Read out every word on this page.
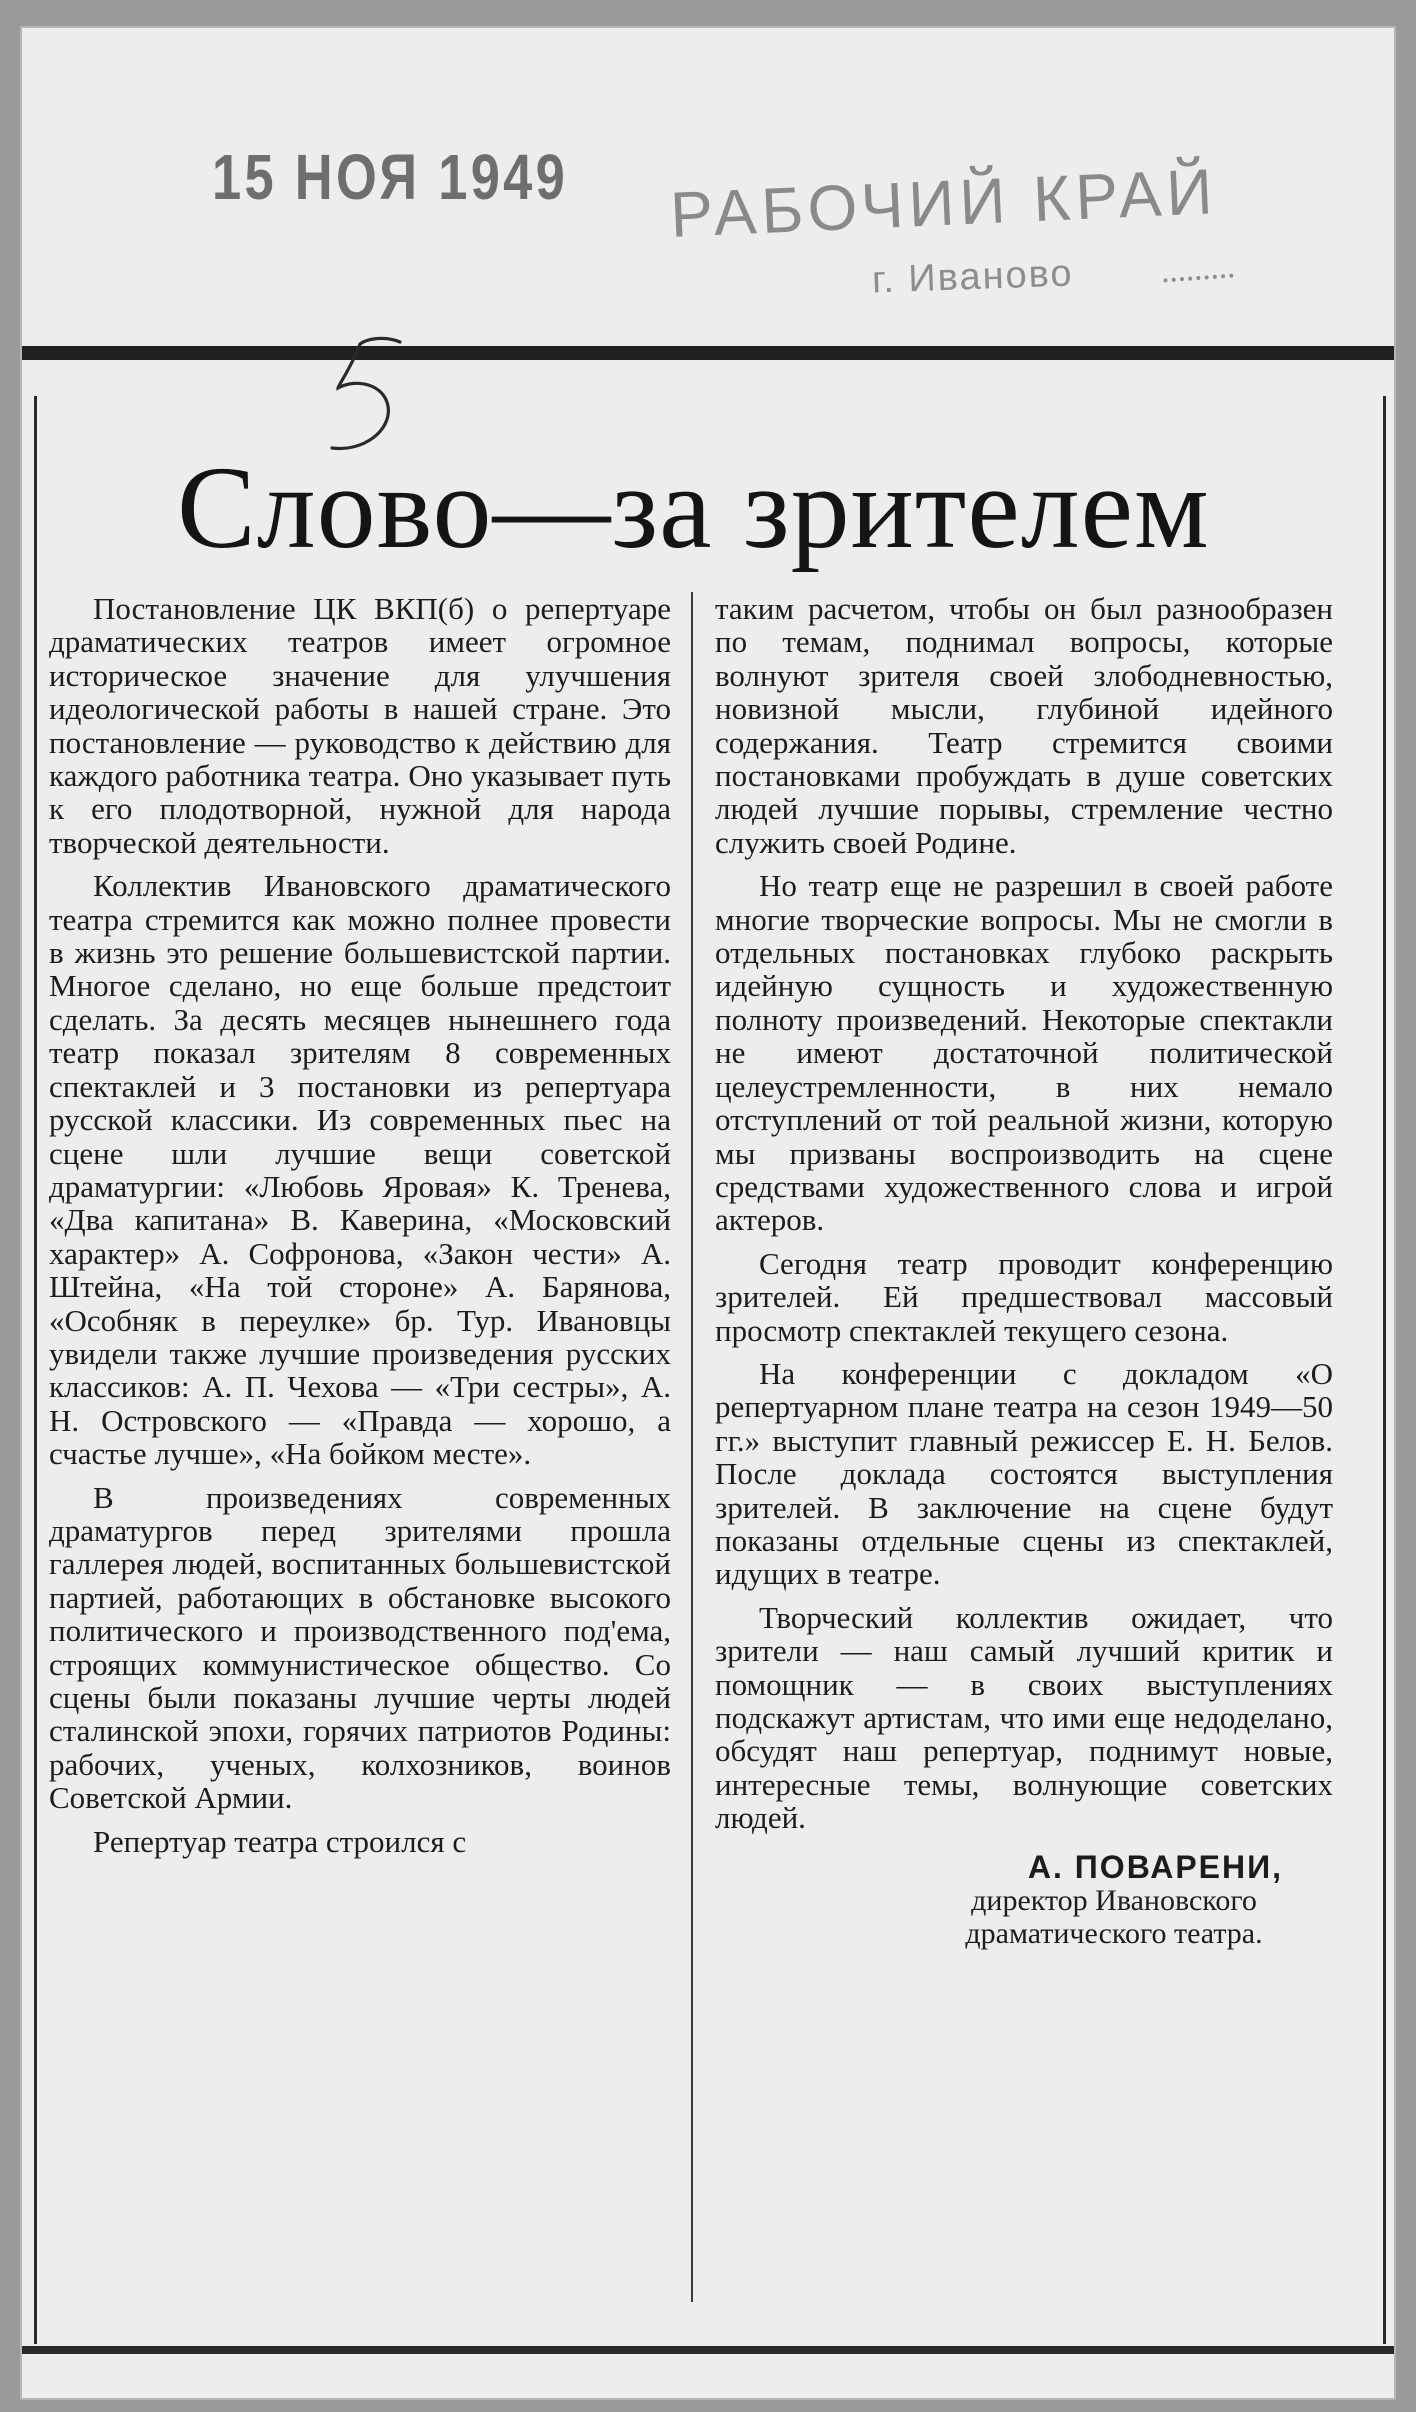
15 НОЯ 1949 РАБОЧИЙ КРАЙ
г. Иваново
Слово—за зрителем

Постановление ЦК ВКП(б) о репертуаре драматических театров имеет огромное историческое значение для улучшения идеологической работы в нашей стране. Это постановление — руководство к действию для каждого работника театра. Оно указывает путь к его плодотворной, нужной для народа творческой деятельности.

Коллектив Ивановского драматического театра стремится как можно полнее провести в жизнь это решение большевистской партии. Многое сделано, но еще больше предстоит сделать. За десять месяцев нынешнего года театр показал зрителям 8 современных спектаклей и 3 постановки из репертуара русской классики. Из современных пьес на сцене шли лучшие вещи советской драматургии: «Любовь Яровая» К. Тренева, «Два капитана» В. Каверина, «Московский характер» А. Софронова, «Закон чести» А. Штейна, «На той стороне» А. Барянова, «Особняк в переулке» бр. Тур. Ивановцы увидели также лучшие произведения русских классиков: А. П. Чехова — «Три сестры», А. Н. Островского — «Правда — хорошо, а счастье лучше», «На бойком месте».

В произведениях современных драматургов перед зрителями прошла галлерея людей, воспитанных большевистской партией, работающих в обстановке высокого политического и производственного под'ема, строящих коммунистическое общество. Со сцены были показаны лучшие черты людей сталинской эпохи, горячих патриотов Родины: рабочих, ученых, колхозников, воинов Советской Армии.

Репертуар театра строился с

таким расчетом, чтобы он был разнообразен по темам, поднимал вопросы, которые волнуют зрителя своей злободневностью, новизной мысли, глубиной идейного содержания. Театр стремится своими постановками пробуждать в душе советских людей лучшие порывы, стремление честно служить своей Родине.

Но театр еще не разрешил в своей работе многие творческие вопросы. Мы не смогли в отдельных постановках глубоко раскрыть идейную сущность и художественную полноту произведений. Некоторые спектакли не имеют достаточной политической целеустремленности, в них немало отступлений от той реальной жизни, которую мы призваны воспроизводить на сцене средствами художественного слова и игрой актеров.

Сегодня театр проводит конференцию зрителей. Ей предшествовал массовый просмотр спектаклей текущего сезона.

На конференции с докладом «О репертуарном плане театра на сезон 1949—50 гг.» выступит главный режиссер Е. Н. Белов. После доклада состоятся выступления зрителей. В заключение на сцене будут показаны отдельные сцены из спектаклей, идущих в театре.

Творческий коллектив ожидает, что зрители — наш самый лучший критик и помощник — в своих выступлениях подскажут артистам, что ими еще недоделано, обсудят наш репертуар, поднимут новые, интересные темы, волнующие советских людей.

А. ПОВАРЕНИ,
директор Ивановского
драматического театра.
